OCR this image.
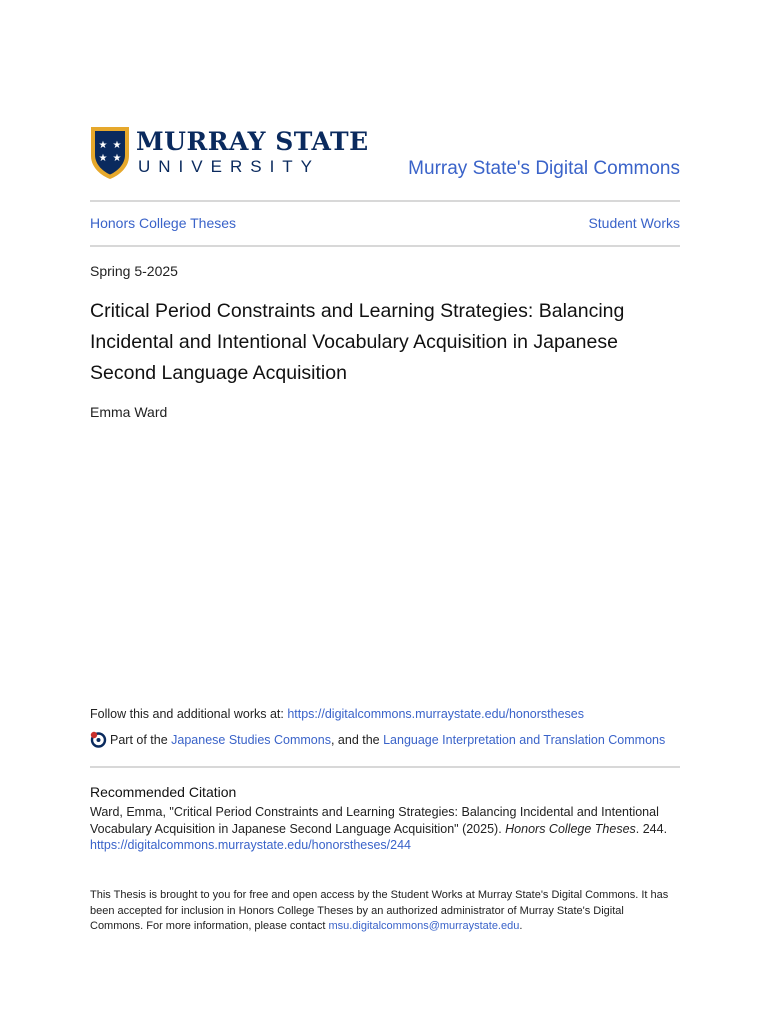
★ ★
★ ★
MURRAY STATE
UNIVERSITY	Murray State's Digital Commons
Honors College Theses	Student Works
Spring 5-2025
Critical Period Constraints and Learning Strategies: Balancing Incidental and Intentional Vocabulary Acquisition in Japanese Second Language Acquisition
Emma Ward
Follow this and additional works at: https://digitalcommons.murraystate.edu/honorstheses
Part of the Japanese Studies Commons , and the Language Interpretation and Translation Commons
Recommended Citation
Ward, Emma, "Critical Period Constraints and Learning Strategies: Balancing Incidental and Intentional Vocabulary Acquisition in Japanese Second Language Acquisition" (2025). Honors College Theses. 244.
https://digitalcommons.murraystate.edu/honorstheses/244
This Thesis is brought to you for free and open access by the Student Works at Murray State's Digital Commons. It has been accepted for inclusion in Honors College Theses by an authorized administrator of Murray State's Digital Commons. For more information, please contact msu.digitalcommons@murraystate.edu.
